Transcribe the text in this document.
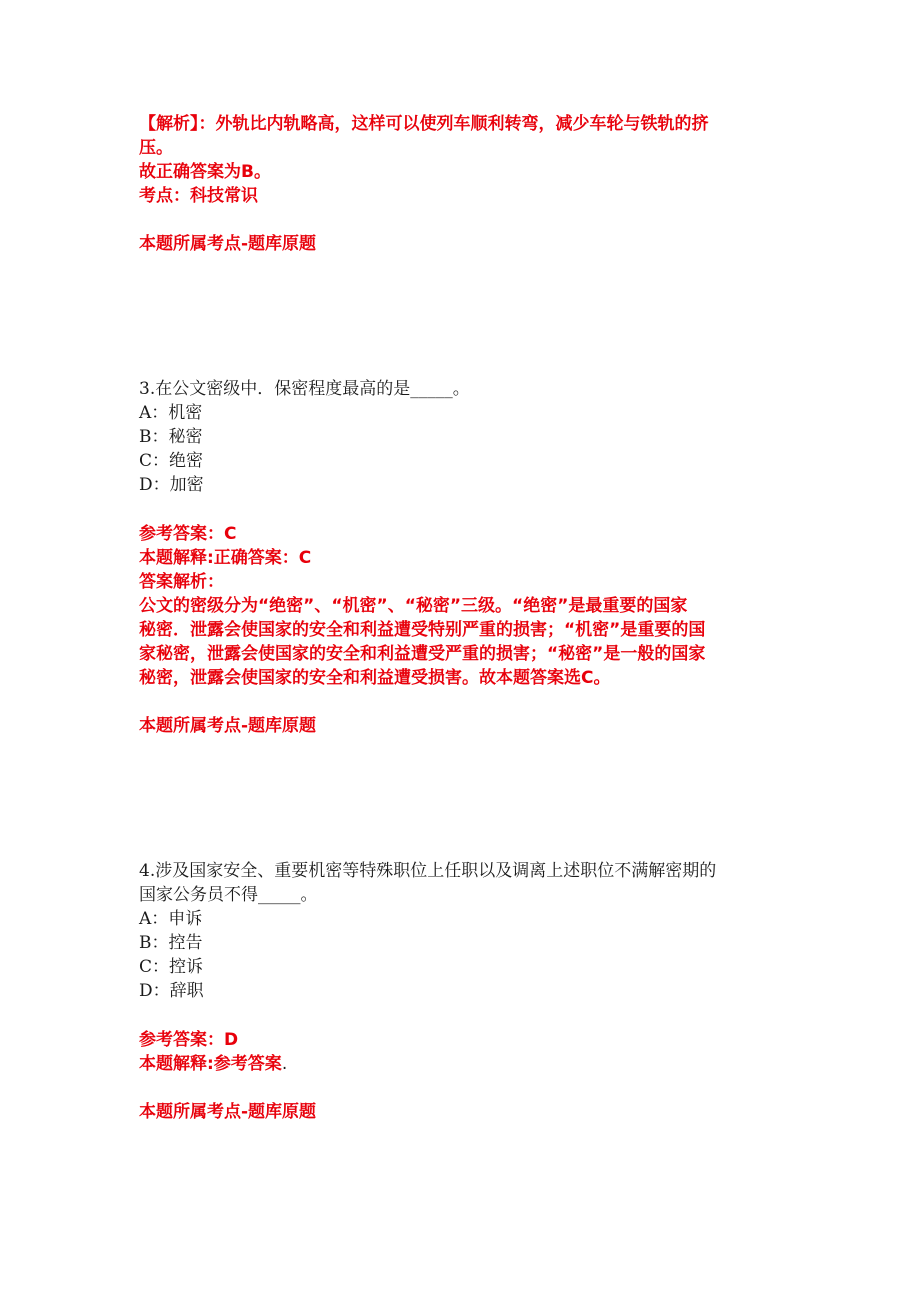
【解析】：外轨比内轨略高，这样可以使列车顺利转弯，减少车轮与铁轨的挤
压。
故正确答案为B。
考点：科技常识
本题所属考点-题库原题
3.在公文密级中．保密程度最高的是_____。
A：机密
B：秘密
C：绝密
D：加密
参考答案：C
本题解释:正确答案：C
答案解析：
公文的密级分为“绝密”、“机密”、“秘密”三级。“绝密”是最重要的国家
秘密．泄露会使国家的安全和利益遭受特别严重的损害；“机密”是重要的国
家秘密，泄露会使国家的安全和利益遭受严重的损害；“秘密”是一般的国家
秘密，泄露会使国家的安全和利益遭受损害。故本题答案选C。
本题所属考点-题库原题
4.涉及国家安全、重要机密等特殊职位上任职以及调离上述职位不满解密期的
国家公务员不得_____。
A：申诉
B：控告
C：控诉
D：辞职
参考答案：D
本题解释:参考答案.
本题所属考点-题库原题
